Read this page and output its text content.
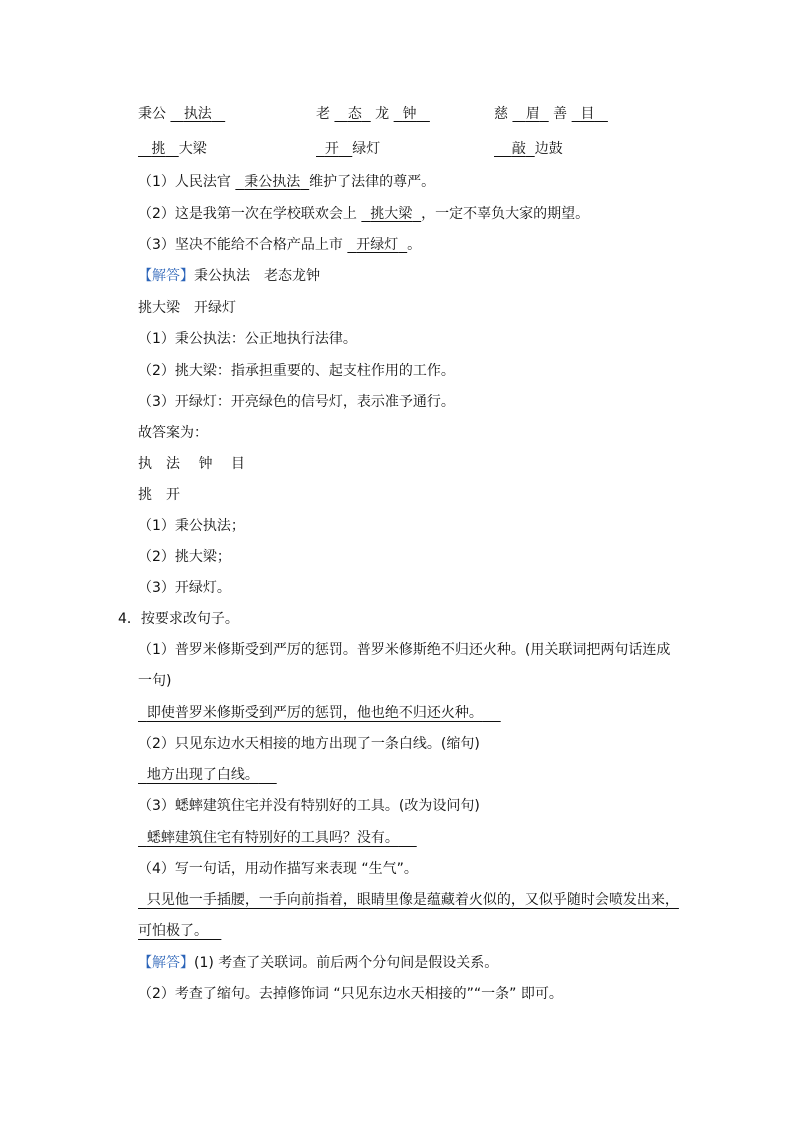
秉公 执法	老 态 龙 钟	慈 眉 善 目
挑 大梁	开 绿灯	敲 边鼓
（1）人民法官   秉公执法 维护了法律的尊严。
（2）这是我第一次在学校联欢会上   挑大梁 ，一定不辜负大家的期望。
（3）坚决不能给不合格产品上市   开绿灯 。
【解答】秉公执法　老态龙钟
挑大梁　开绿灯
（1）秉公执法：公正地执行法律。
（2）挑大梁：指承担重要的、起支柱作用的工作。
（3）开绿灯：开亮绿色的信号灯，表示准予通行。
故答案为：
执　法　 钟　 目
挑　开
（1）秉公执法；
（2）挑大梁；
（3）开绿灯。
4．按要求改句子。
（1）普罗米修斯受到严厉的惩罚。普罗米修斯绝不归还火种。(用关联词把两句话连成
一句)
即使普罗米修斯受到严厉的惩罚，他也绝不归还火种。
（2）只见东边水天相接的地方出现了一条白线。(缩句)
地方出现了白线。
（3）蟋蟀建筑住宅并没有特别好的工具。(改为设问句)
蟋蟀建筑住宅有特别好的工具吗？没有。
（4）写一句话，用动作描写来表现 “生气”。
只见他一手插腰，一手向前指着，眼睛里像是蕴藏着火似的，又似乎随时会喷发出来，
可怕极了。
【解答】(1) 考查了关联词。前后两个分句间是假设关系。
（2）考查了缩句。去掉修饰词 “只见东边水天相接的”“一条” 即可。
